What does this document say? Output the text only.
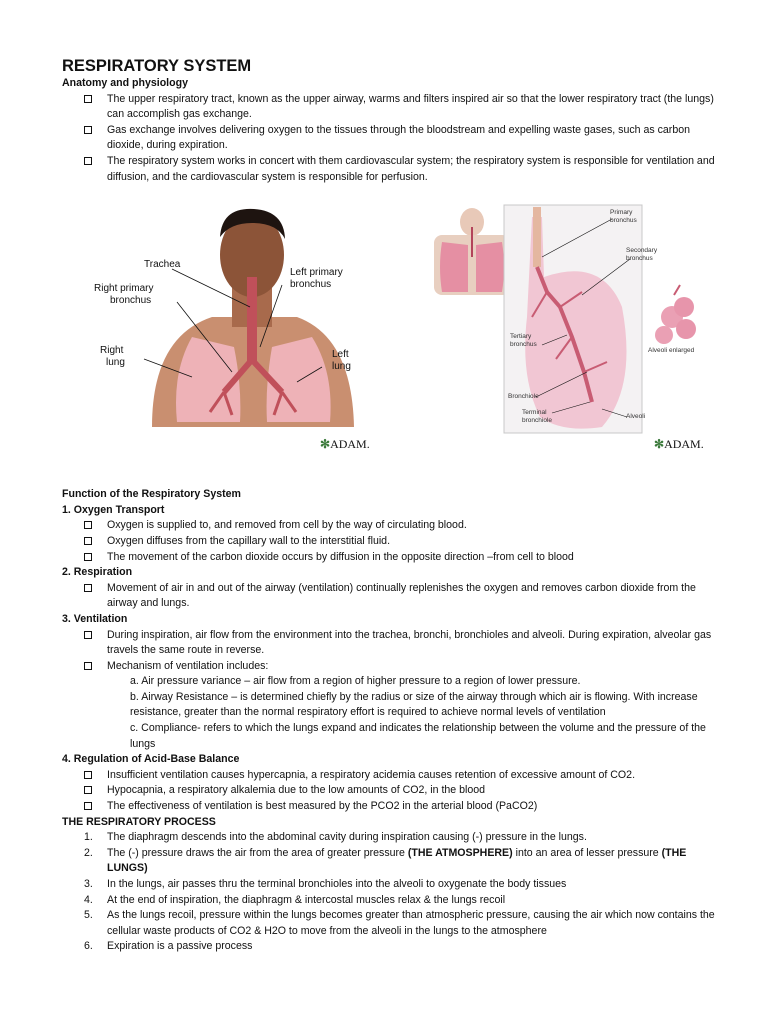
RESPIRATORY SYSTEM
Anatomy and physiology
The upper respiratory tract, known as the upper airway, warms and filters inspired air so that the lower respiratory tract (the lungs) can accomplish gas exchange.
Gas exchange involves delivering oxygen to the tissues through the bloodstream and expelling waste gases, such as carbon dioxide, during expiration.
The respiratory system works in concert with them cardiovascular system; the respiratory system is responsible for ventilation and diffusion, and the cardiovascular system is responsible for perfusion.
Trachea
Left primary
bronchus
Right primary
bronchus
Right
lung
Left
lung
✻ADAM.
Primary
bronchus
Secondary
bronchus
Tertiary
bronchus
Alveoli enlarged
Bronchiole
Terminal
bronchiole
Alveoli
✻ADAM.
Function of the Respiratory System
1. Oxygen Transport
Oxygen is supplied to, and removed from cell by the way of circulating blood.
Oxygen diffuses from the capillary wall to the interstitial fluid.
The movement of the carbon dioxide occurs by diffusion in the opposite direction –from cell to blood
2. Respiration
Movement of air in and out of the airway (ventilation) continually replenishes the oxygen and removes carbon dioxide from the airway and lungs.
3. Ventilation
During inspiration, air flow from the environment into the trachea, bronchi, bronchioles and alveoli. During expiration, alveolar gas travels the same route in reverse.
Mechanism of ventilation includes:
a. Air pressure variance – air flow from a region of higher pressure to a region of lower pressure.
b. Airway Resistance – is determined chiefly by the radius or size of the airway through which air is flowing. With increase resistance, greater than the normal respiratory effort is required to achieve normal levels of ventilation
c. Compliance- refers to which the lungs expand and indicates the relationship between the volume and the pressure of the lungs
4. Regulation of Acid-Base Balance
Insufficient ventilation causes hypercapnia, a respiratory acidemia causes retention of excessive amount of CO2.
Hypocapnia, a respiratory alkalemia due to the low amounts of CO2, in the blood
The effectiveness of ventilation is best measured by the PCO2 in the arterial blood (PaCO2)
THE RESPIRATORY PROCESS
1. The diaphragm descends into the abdominal cavity during inspiration causing (-) pressure in the lungs.
2. The (-) pressure draws the air from the area of greater pressure (THE ATMOSPHERE) into an area of lesser pressure (THE LUNGS)
3. In the lungs, air passes thru the terminal bronchioles into the alveoli to oxygenate the body tissues
4. At the end of inspiration, the diaphragm & intercostal muscles relax & the lungs recoil
5. As the lungs recoil, pressure within the lungs becomes greater than atmospheric pressure, causing the air which now contains the cellular waste products of CO2 & H2O to move from the alveoli in the lungs to the atmosphere
6. Expiration is a passive process
